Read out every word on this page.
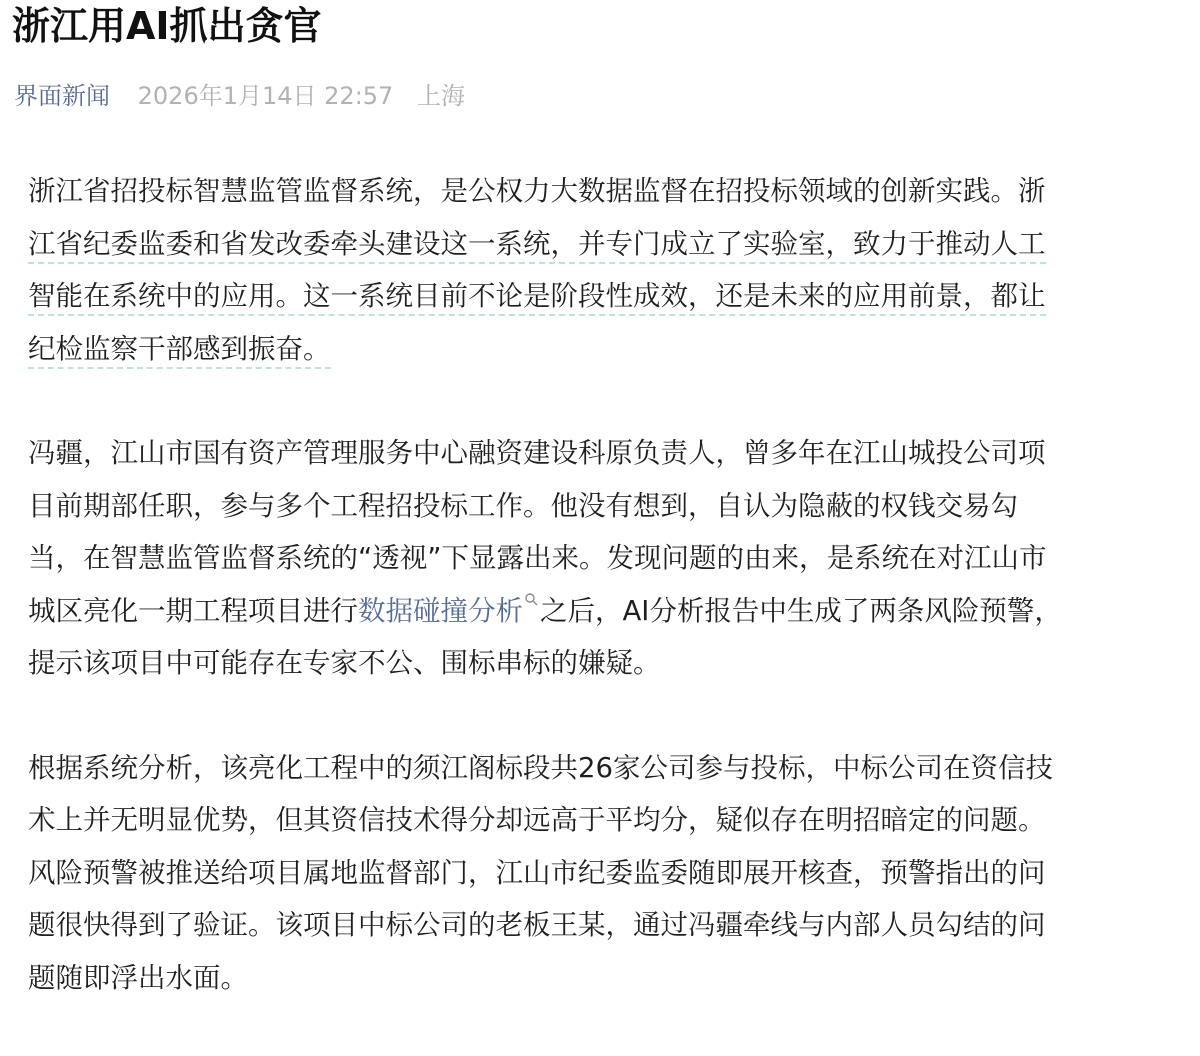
浙江用AI抓出贪官
界面新闻 2026年1月14日 22:57 上海

浙江省招投标智慧监管监督系统，是公权力大数据监督在招投标领域的创新实践。浙
江省纪委监委和省发改委牵头建设这一系统，并专门成立了实验室，致力于推动人工
智能在系统中的应用。这一系统目前不论是阶段性成效，还是未来的应用前景，都让
纪检监察干部感到振奋。

冯疆，江山市国有资产管理服务中心融资建设科原负责人，曾多年在江山城投公司项
目前期部任职，参与多个工程招投标工作。他没有想到，自认为隐蔽的权钱交易勾
当，在智慧监管监督系统的“透视”下显露出来。发现问题的由来，是系统在对江山市
城区亮化一期工程项目进行数据碰撞分析 之后，AI分析报告中生成了两条风险预警，
提示该项目中可能存在专家不公、围标串标的嫌疑。

根据系统分析，该亮化工程中的须江阁标段共26家公司参与投标，中标公司在资信技
术上并无明显优势，但其资信技术得分却远高于平均分，疑似存在明招暗定的问题。
风险预警被推送给项目属地监督部门，江山市纪委监委随即展开核查，预警指出的问
题很快得到了验证。该项目中标公司的老板王某，通过冯疆牵线与内部人员勾结的问
题随即浮出水面。
